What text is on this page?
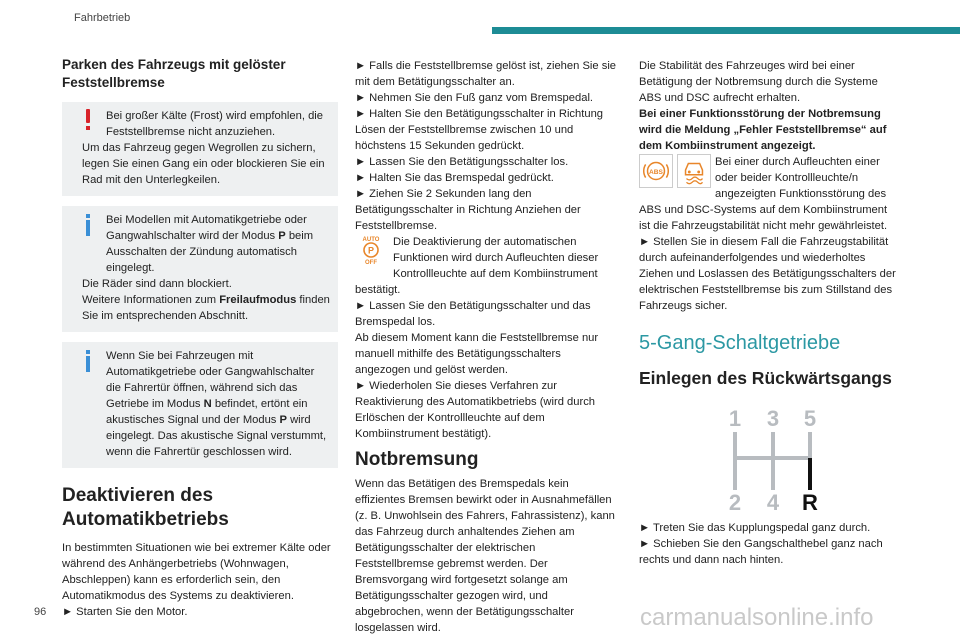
Fahrbetrieb

Parken des Fahrzeugs mit gelöster Feststellbremse

Bei großer Kälte (Frost) wird empfohlen, die Feststellbremse nicht anzuziehen.

Um das Fahrzeug gegen Wegrollen zu sichern, legen Sie einen Gang ein oder blockieren Sie ein Rad mit den Unterlegkeilen.

Bei Modellen mit Automatikgetriebe oder Gangwahlschalter wird der Modus P beim Ausschalten der Zündung automatisch eingelegt.

Die Räder sind dann blockiert.

Weitere Informationen zum Freilaufmodus finden Sie im entsprechenden Abschnitt.

Wenn Sie bei Fahrzeugen mit Automatikgetriebe oder Gangwahlschalter die Fahrertür öffnen, während sich das Getriebe im Modus N befindet, ertönt ein akustisches Signal und der Modus P wird eingelegt. Das akustische Signal verstummt, wenn die Fahrertür geschlossen wird.

Deaktivieren des Automatikbetriebs

In bestimmten Situationen wie bei extremer Kälte oder während des Anhängerbetriebs (Wohnwagen, Abschleppen) kann es erforderlich sein, den Automatikmodus des Systems zu deaktivieren.

► Starten Sie den Motor.

► Falls die Feststellbremse gelöst ist, ziehen Sie sie mit dem Betätigungsschalter an.

► Nehmen Sie den Fuß ganz vom Bremspedal.

► Halten Sie den Betätigungsschalter in Richtung Lösen der Feststellbremse zwischen 10 und höchstens 15 Sekunden gedrückt.

► Lassen Sie den Betätigungsschalter los.

► Halten Sie das Bremspedal gedrückt.

► Ziehen Sie 2 Sekunden lang den Betätigungsschalter in Richtung Anziehen der Feststellbremse.

AUTO
P
OFF
Die Deaktivierung der automatischen Funktionen wird durch Aufleuchten dieser Kontrollleuchte auf dem Kombiinstrument bestätigt.

► Lassen Sie den Betätigungsschalter und das Bremspedal los.

Ab diesem Moment kann die Feststellbremse nur manuell mithilfe des Betätigungsschalters angezogen und gelöst werden.

► Wiederholen Sie dieses Verfahren zur Reaktivierung des Automatikbetriebs (wird durch Erlöschen der Kontrollleuchte auf dem Kombiinstrument bestätigt).

Notbremsung

Wenn das Betätigen des Bremspedals kein effizientes Bremsen bewirkt oder in Ausnahmefällen (z. B. Unwohlsein des Fahrers, Fahrassistenz), kann das Fahrzeug durch anhaltendes Ziehen am Betätigungsschalter der elektrischen Feststellbremse gebremst werden. Der Bremsvorgang wird fortgesetzt solange am Betätigungsschalter gezogen wird, und abgebrochen, wenn der Betätigungsschalter losgelassen wird.

Die Stabilität des Fahrzeuges wird bei einer Betätigung der Notbremsung durch die Systeme ABS und DSC aufrecht erhalten.

Bei einer Funktionsstörung der Notbremsung wird die Meldung „Fehler Feststellbremse“ auf dem Kombiinstrument angezeigt.

ABS
Bei einer durch Aufleuchten einer oder beider Kontrollleuchte/n angezeigten Funktionsstörung des ABS und DSC-Systems auf dem Kombiinstrument ist die Fahrzeugstabilität nicht mehr gewährleistet.

► Stellen Sie in diesem Fall die Fahrzeugstabilität durch aufeinanderfolgendes und wiederholtes Ziehen und Loslassen des Betätigungsschalters der elektrischen Feststellbremse bis zum Stillstand des Fahrzeugs sicher.

5-Gang-Schaltgetriebe

Einlegen des Rückwärtsgangs

1 3 5
2 4 R

► Treten Sie das Kupplungspedal ganz durch.

► Schieben Sie den Gangschalthebel ganz nach rechts und dann nach hinten.

96	carmanualsonline.info
